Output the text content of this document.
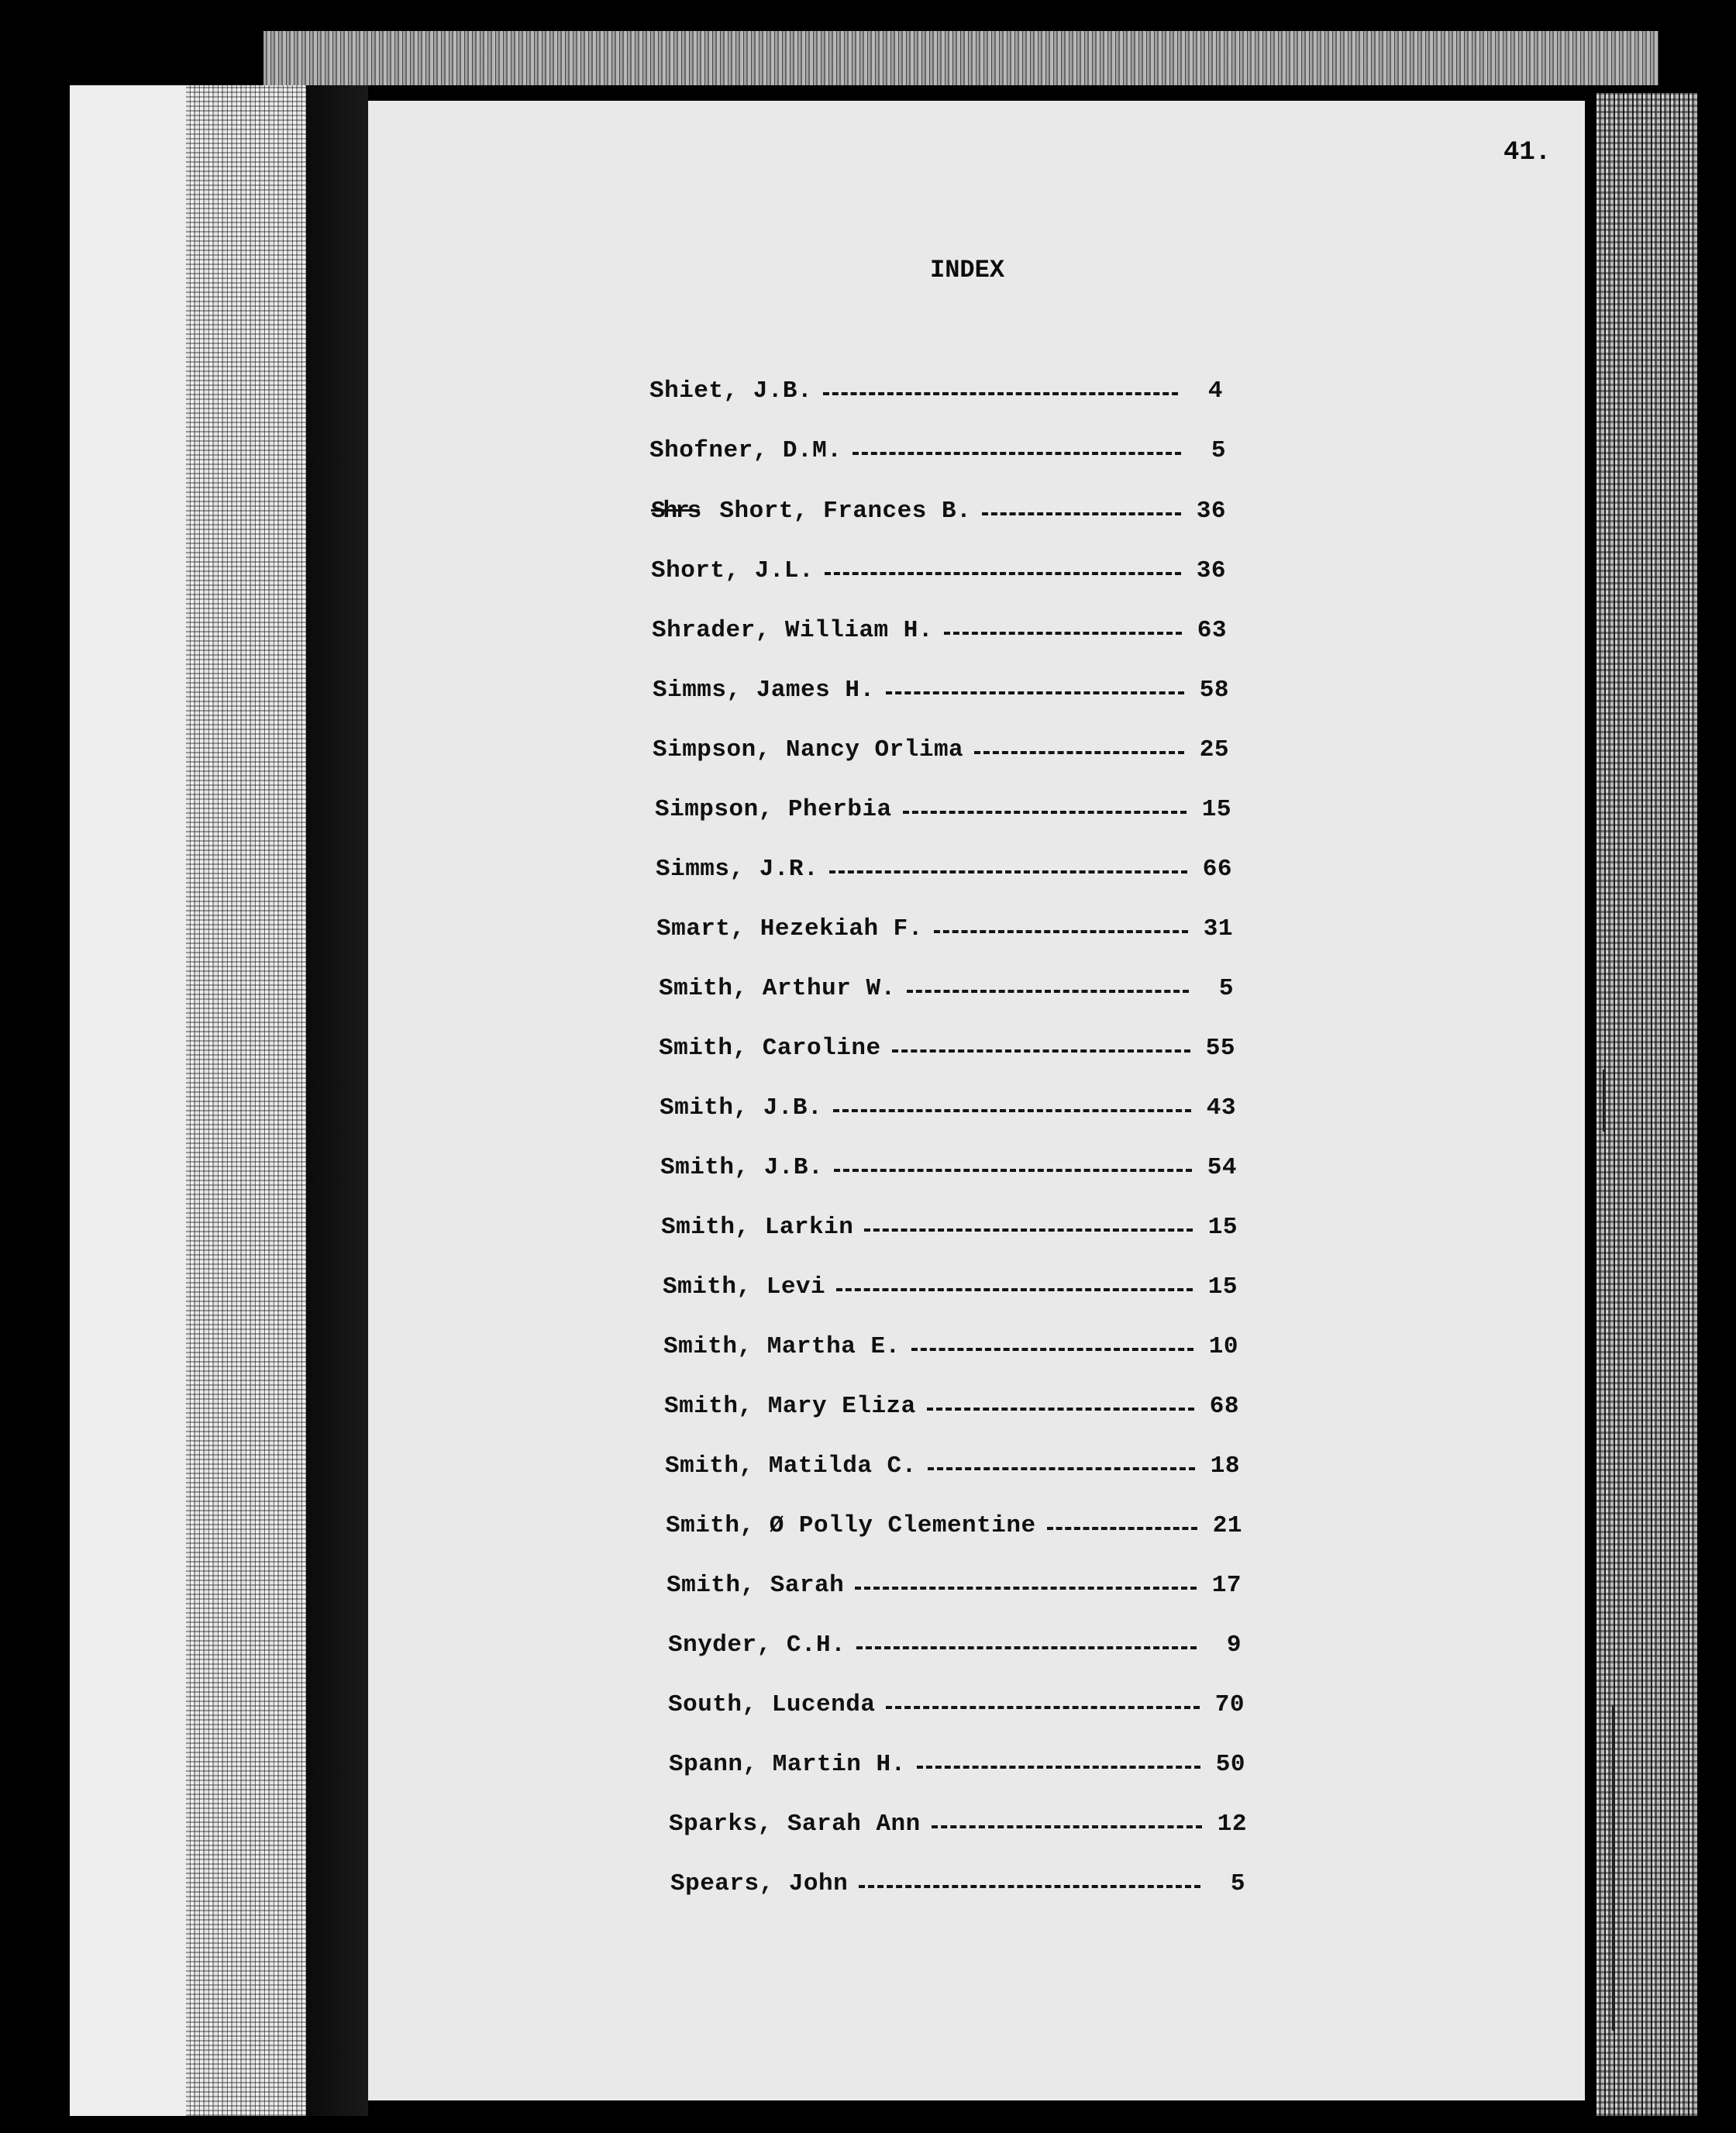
41.
INDEX
Shiet, J.B.	4
Shofner, D.M.	5
Shrs Short, Frances B.	36
Short, J.L.	36
Shrader, William H.	63
Simms, James H.	58
Simpson, Nancy Orlima	25
Simpson, Pherbia	15
Simms, J.R.	66
Smart, Hezekiah F.	31
Smith, Arthur W.	5
Smith, Caroline	55
Smith, J.B.	43
Smith, J.B.	54
Smith, Larkin	15
Smith, Levi	15
Smith, Martha E.	10
Smith, Mary Eliza	68
Smith, Matilda C.	18
Smith, Ø Polly Clementine	21
Smith, Sarah	17
Snyder, C.H.	9
South, Lucenda	70
Spann, Martin H.	50
Sparks, Sarah Ann	12
Spears, John	5
